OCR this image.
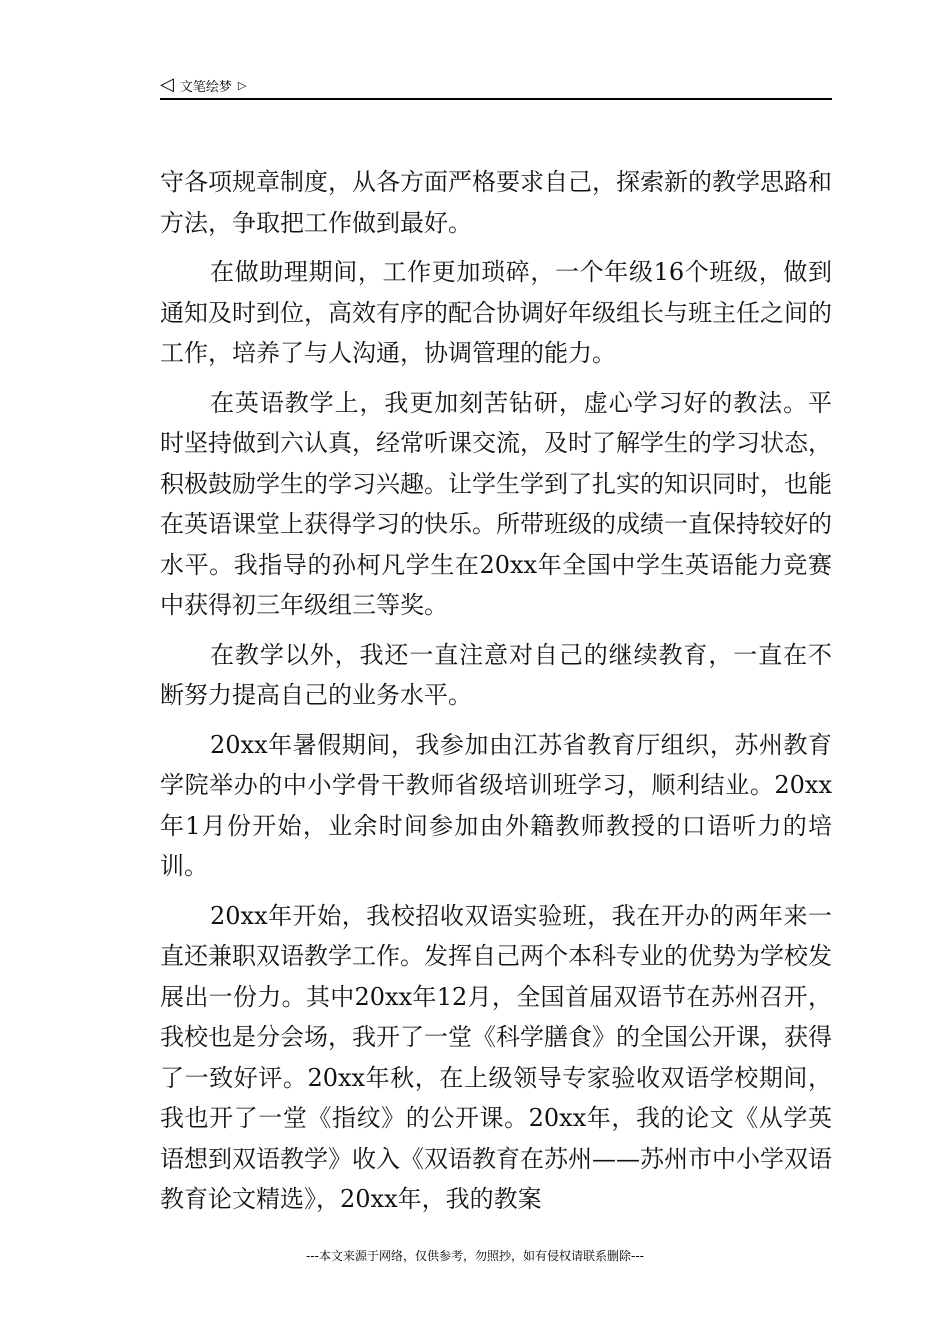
◁ 文笔绘梦 ▷

守各项规章制度，从各方面严格要求自己，探索新的教学思路和方法，争取把工作做到最好。

在做助理期间，工作更加琐碎，一个年级16个班级，做到通知及时到位，高效有序的配合协调好年级组长与班主任之间的工作，培养了与人沟通，协调管理的能力。

在英语教学上，我更加刻苦钻研，虚心学习好的教法。平时坚持做到六认真，经常听课交流，及时了解学生的学习状态，积极鼓励学生的学习兴趣。让学生学到了扎实的知识同时，也能在英语课堂上获得学习的快乐。所带班级的成绩一直保持较好的水平。我指导的孙柯凡学生在20xx年全国中学生英语能力竞赛中获得初三年级组三等奖。

在教学以外，我还一直注意对自己的继续教育，一直在不断努力提高自己的业务水平。

20xx年暑假期间，我参加由江苏省教育厅组织，苏州教育学院举办的中小学骨干教师省级培训班学习，顺利结业。20xx年1月份开始，业余时间参加由外籍教师教授的口语听力的培训。

20xx年开始，我校招收双语实验班，我在开办的两年来一直还兼职双语教学工作。发挥自己两个本科专业的优势为学校发展出一份力。其中20xx年12月，全国首届双语节在苏州召开，我校也是分会场，我开了一堂《科学膳食》的全国公开课，获得了一致好评。20xx年秋，在上级领导专家验收双语学校期间，我也开了一堂《指纹》的公开课。20xx年，我的论文《从学英语想到双语教学》收入《双语教育在苏州——苏州市中小学双语教育论文精选》，20xx年，我的教案

---本文来源于网络，仅供参考，勿照抄，如有侵权请联系删除---
